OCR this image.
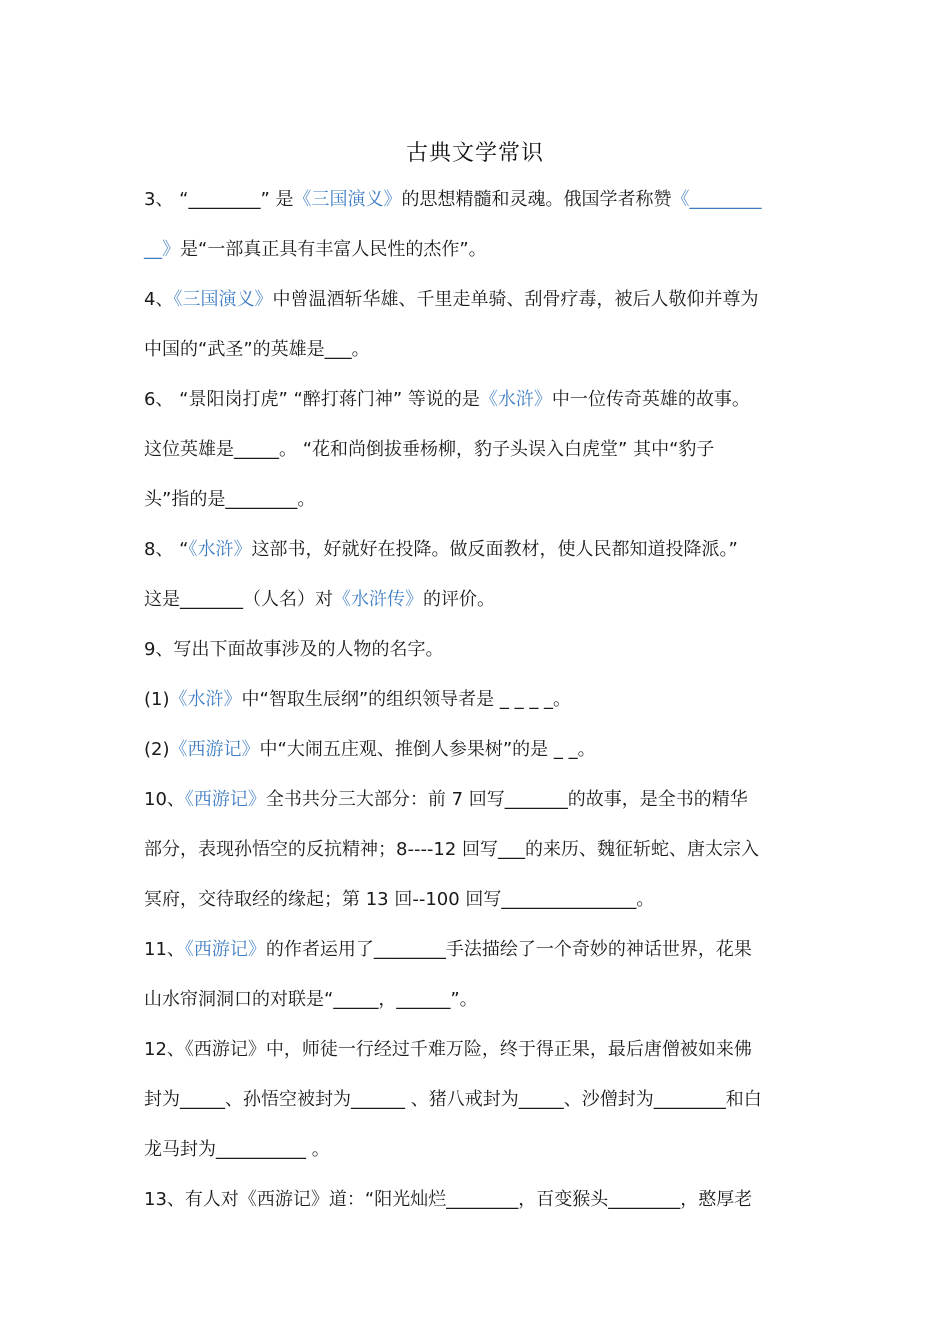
古典文学常识
3、 “________” 是《三国演义》的思想精髓和灵魂。俄国学者称赞《________
__》是“一部真正具有丰富人民性的杰作”。
4、《三国演义》中曾温酒斩华雄、千里走单骑、刮骨疗毒，被后人敬仰并尊为
中国的“武圣”的英雄是___。
6、 “景阳岗打虎” “醉打蒋门神” 等说的是《水浒》中一位传奇英雄的故事。
这位英雄是_____。 “花和尚倒拔垂杨柳，豹子头误入白虎堂” 其中“豹子
头”指的是________。
8、 “《水浒》这部书，好就好在投降。做反面教材，使人民都知道投降派。”
这是_______（人名）对《水浒传》的评价。
9、写出下面故事涉及的人物的名字。
(1)《水浒》中“智取生辰纲”的组织领导者是 _ _ _ _。
(2)《西游记》中“大闹五庄观、推倒人参果树”的是 _ _。
10、《西游记》全书共分三大部分：前 7 回写_______的故事，是全书的精华
部分，表现孙悟空的反抗精神；8----12 回写___的来历、魏征斩蛇、唐太宗入
冥府，交待取经的缘起；第 13 回--100 回写_______________。
11、《西游记》的作者运用了________手法描绘了一个奇妙的神话世界，花果
山水帘洞洞口的对联是“_____，______”。
12、《西游记》中，师徒一行经过千难万险，终于得正果，最后唐僧被如来佛
封为_____、孙悟空被封为______ 、猪八戒封为_____、沙僧封为________和白
龙马封为__________ 。
13、有人对《西游记》道：“阳光灿烂________，百变猴头________，憨厚老
